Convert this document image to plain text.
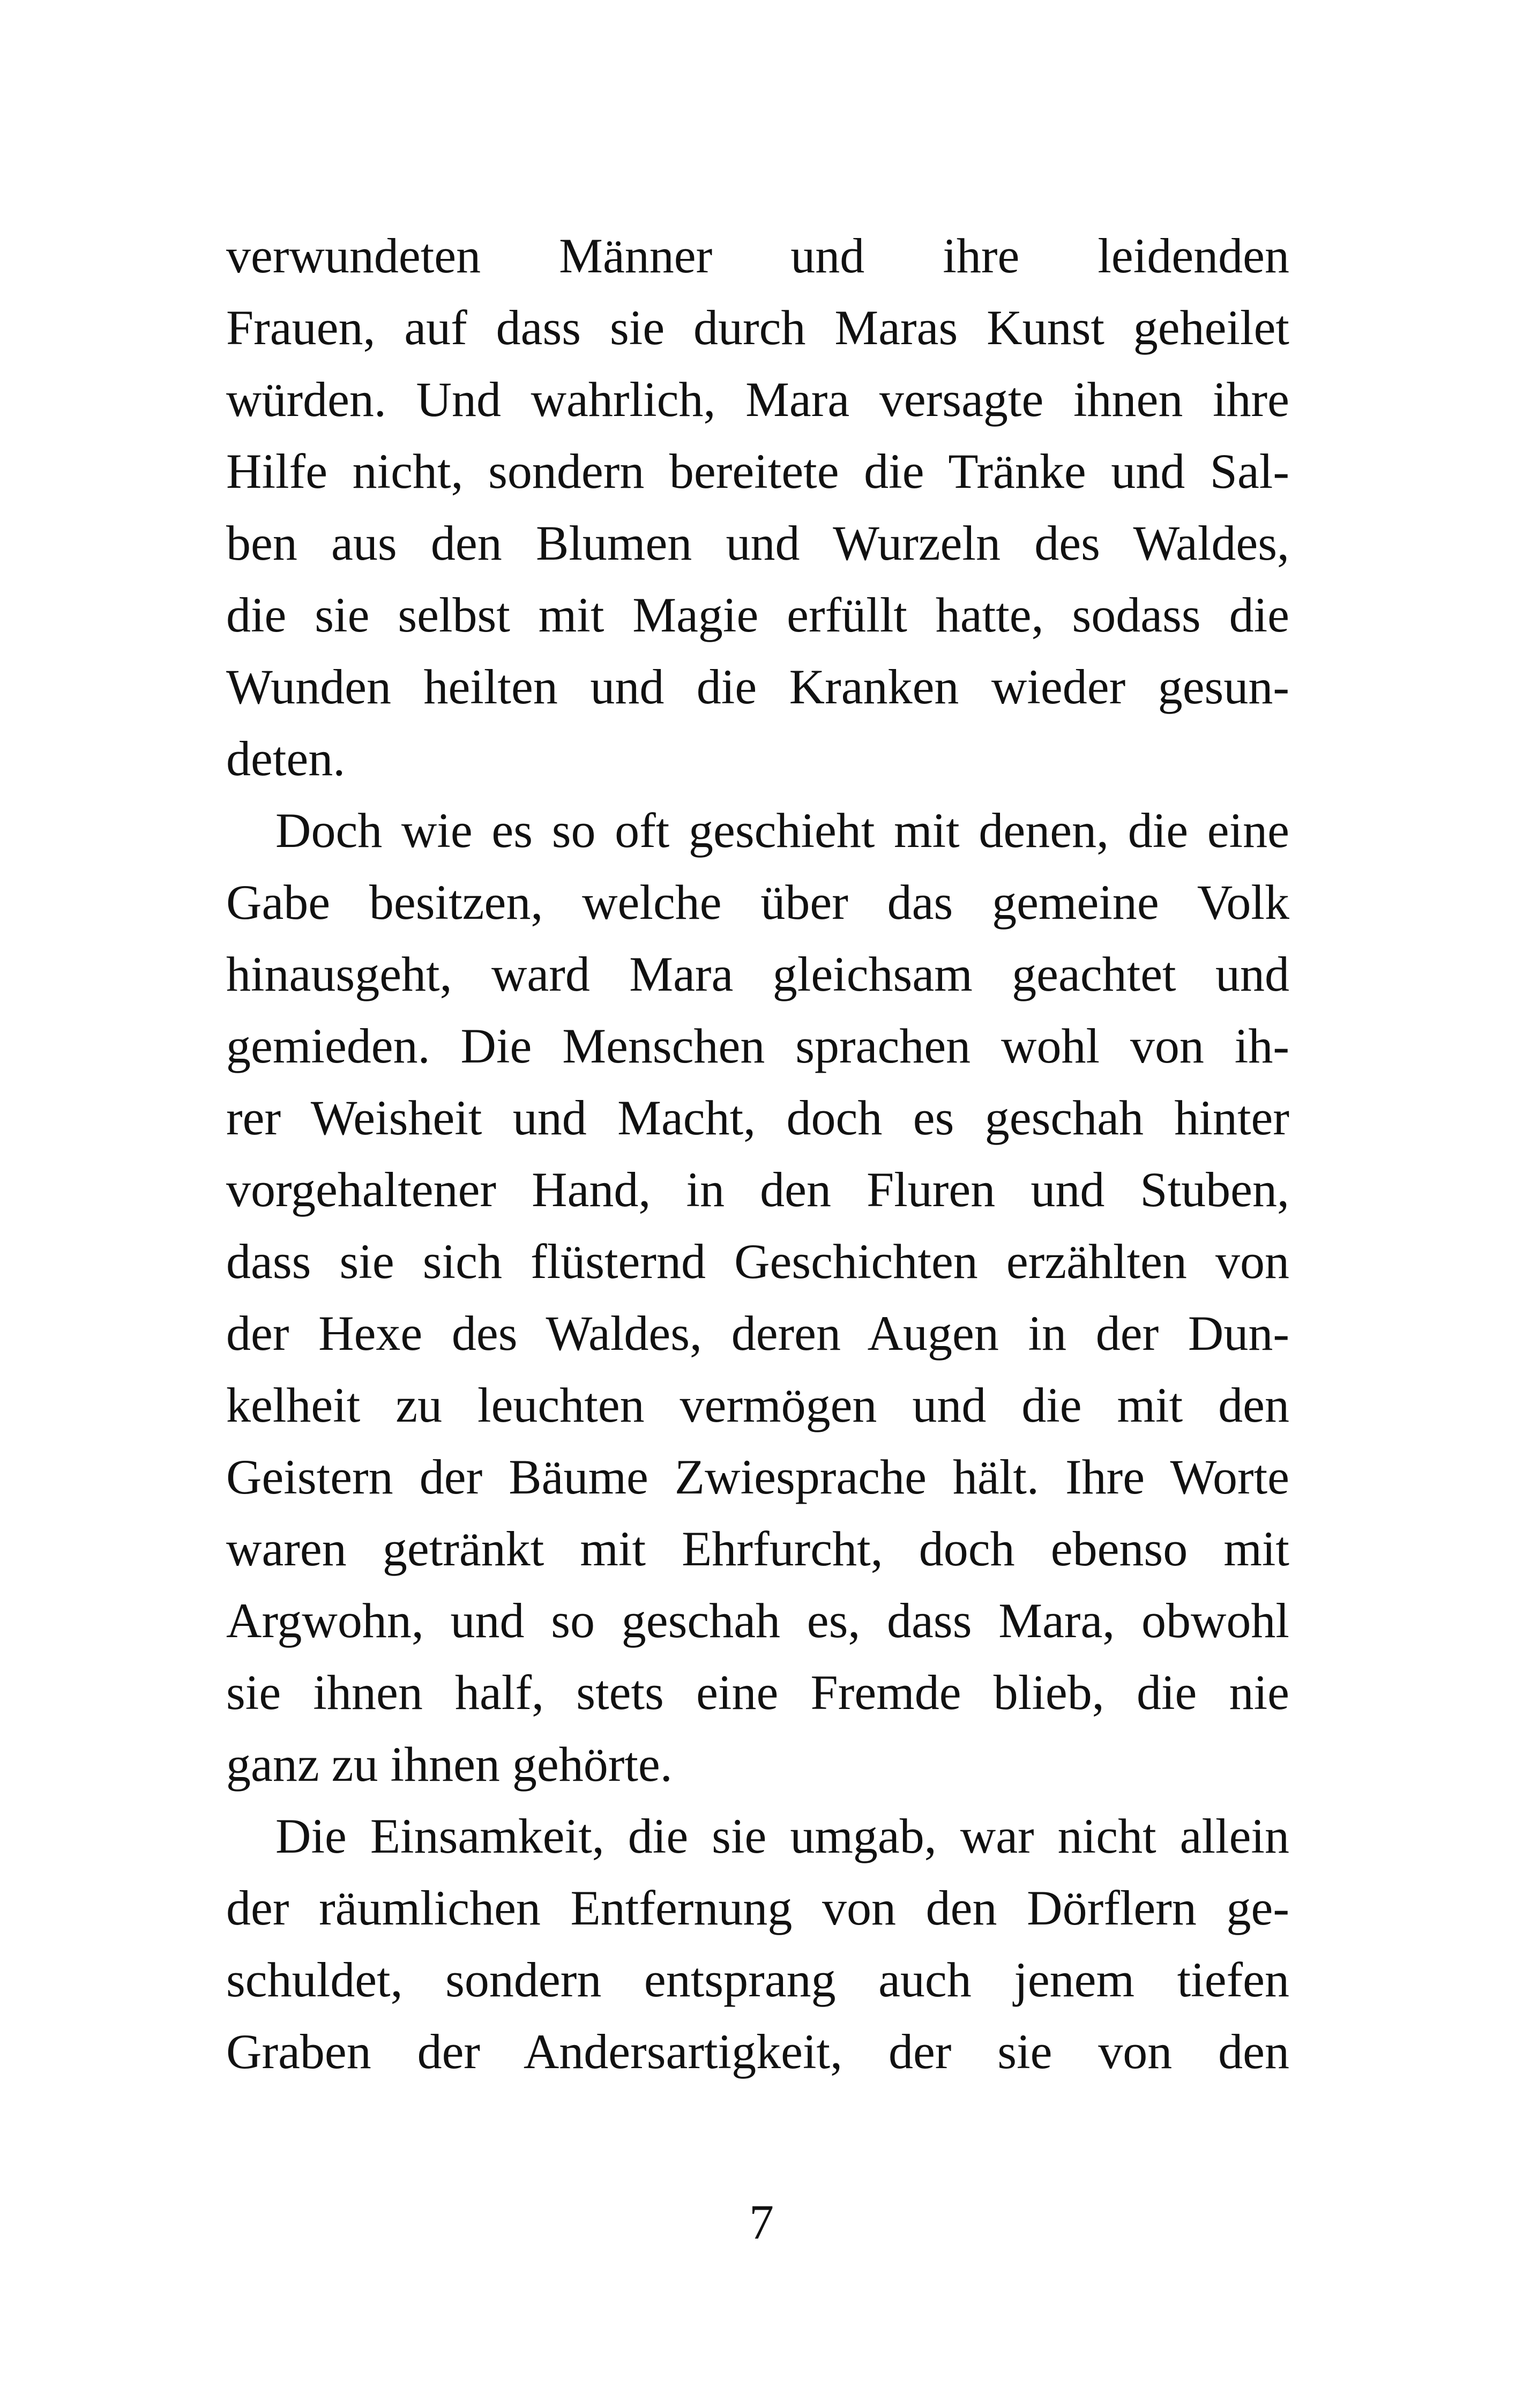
verwundeten Männer und ihre leidenden
Frauen, auf dass sie durch Maras Kunst geheilet
würden. Und wahrlich, Mara versagte ihnen ihre
Hilfe nicht, sondern bereitete die Tränke und Sal-
ben aus den Blumen und Wurzeln des Waldes,
die sie selbst mit Magie erfüllt hatte, sodass die
Wunden heilten und die Kranken wieder gesun-
deten.
Doch wie es so oft geschieht mit denen, die eine
Gabe besitzen, welche über das gemeine Volk
hinausgeht, ward Mara gleichsam geachtet und
gemieden. Die Menschen sprachen wohl von ih-
rer Weisheit und Macht, doch es geschah hinter
vorgehaltener Hand, in den Fluren und Stuben,
dass sie sich flüsternd Geschichten erzählten von
der Hexe des Waldes, deren Augen in der Dun-
kelheit zu leuchten vermögen und die mit den
Geistern der Bäume Zwiesprache hält. Ihre Worte
waren getränkt mit Ehrfurcht, doch ebenso mit
Argwohn, und so geschah es, dass Mara, obwohl
sie ihnen half, stets eine Fremde blieb, die nie
ganz zu ihnen gehörte.
Die Einsamkeit, die sie umgab, war nicht allein
der räumlichen Entfernung von den Dörflern ge-
schuldet, sondern entsprang auch jenem tiefen
Graben der Andersartigkeit, der sie von den
7
